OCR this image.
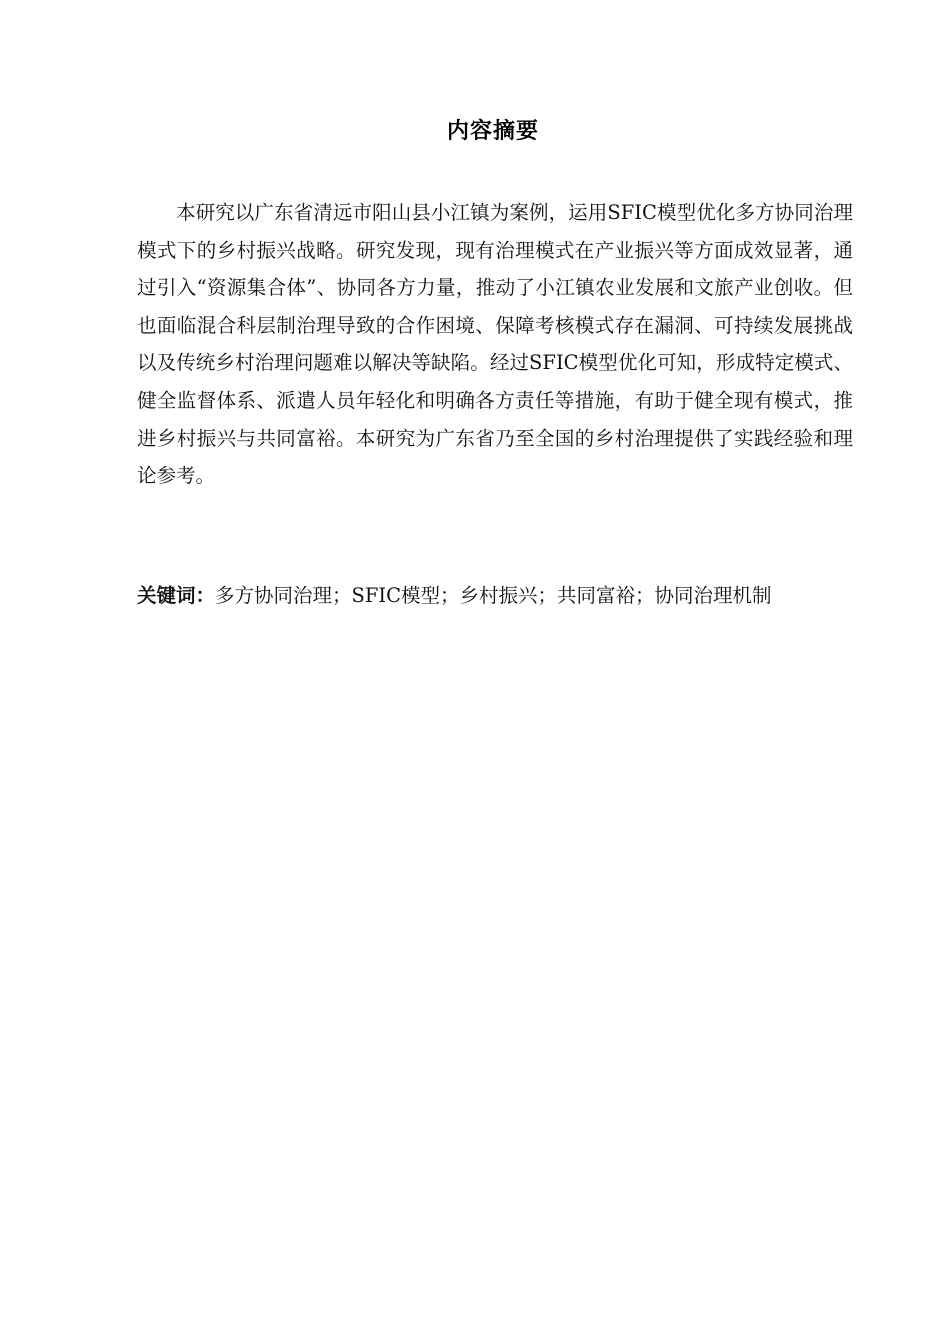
内容摘要

本研究以广东省清远市阳山县小江镇为案例，运用SFIC模型优化多方协同治理模式下的乡村振兴战略。研究发现，现有治理模式在产业振兴等方面成效显著，通过引入“资源集合体”、协同各方力量，推动了小江镇农业发展和文旅产业创收。但也面临混合科层制治理导致的合作困境、保障考核模式存在漏洞、可持续发展挑战以及传统乡村治理问题难以解决等缺陷。经过SFIC模型优化可知，形成特定模式、健全监督体系、派遣人员年轻化和明确各方责任等措施，有助于健全现有模式，推进乡村振兴与共同富裕。本研究为广东省乃至全国的乡村治理提供了实践经验和理论参考。

关键词： 多方协同治理；SFIC模型；乡村振兴；共同富裕；协同治理机制
